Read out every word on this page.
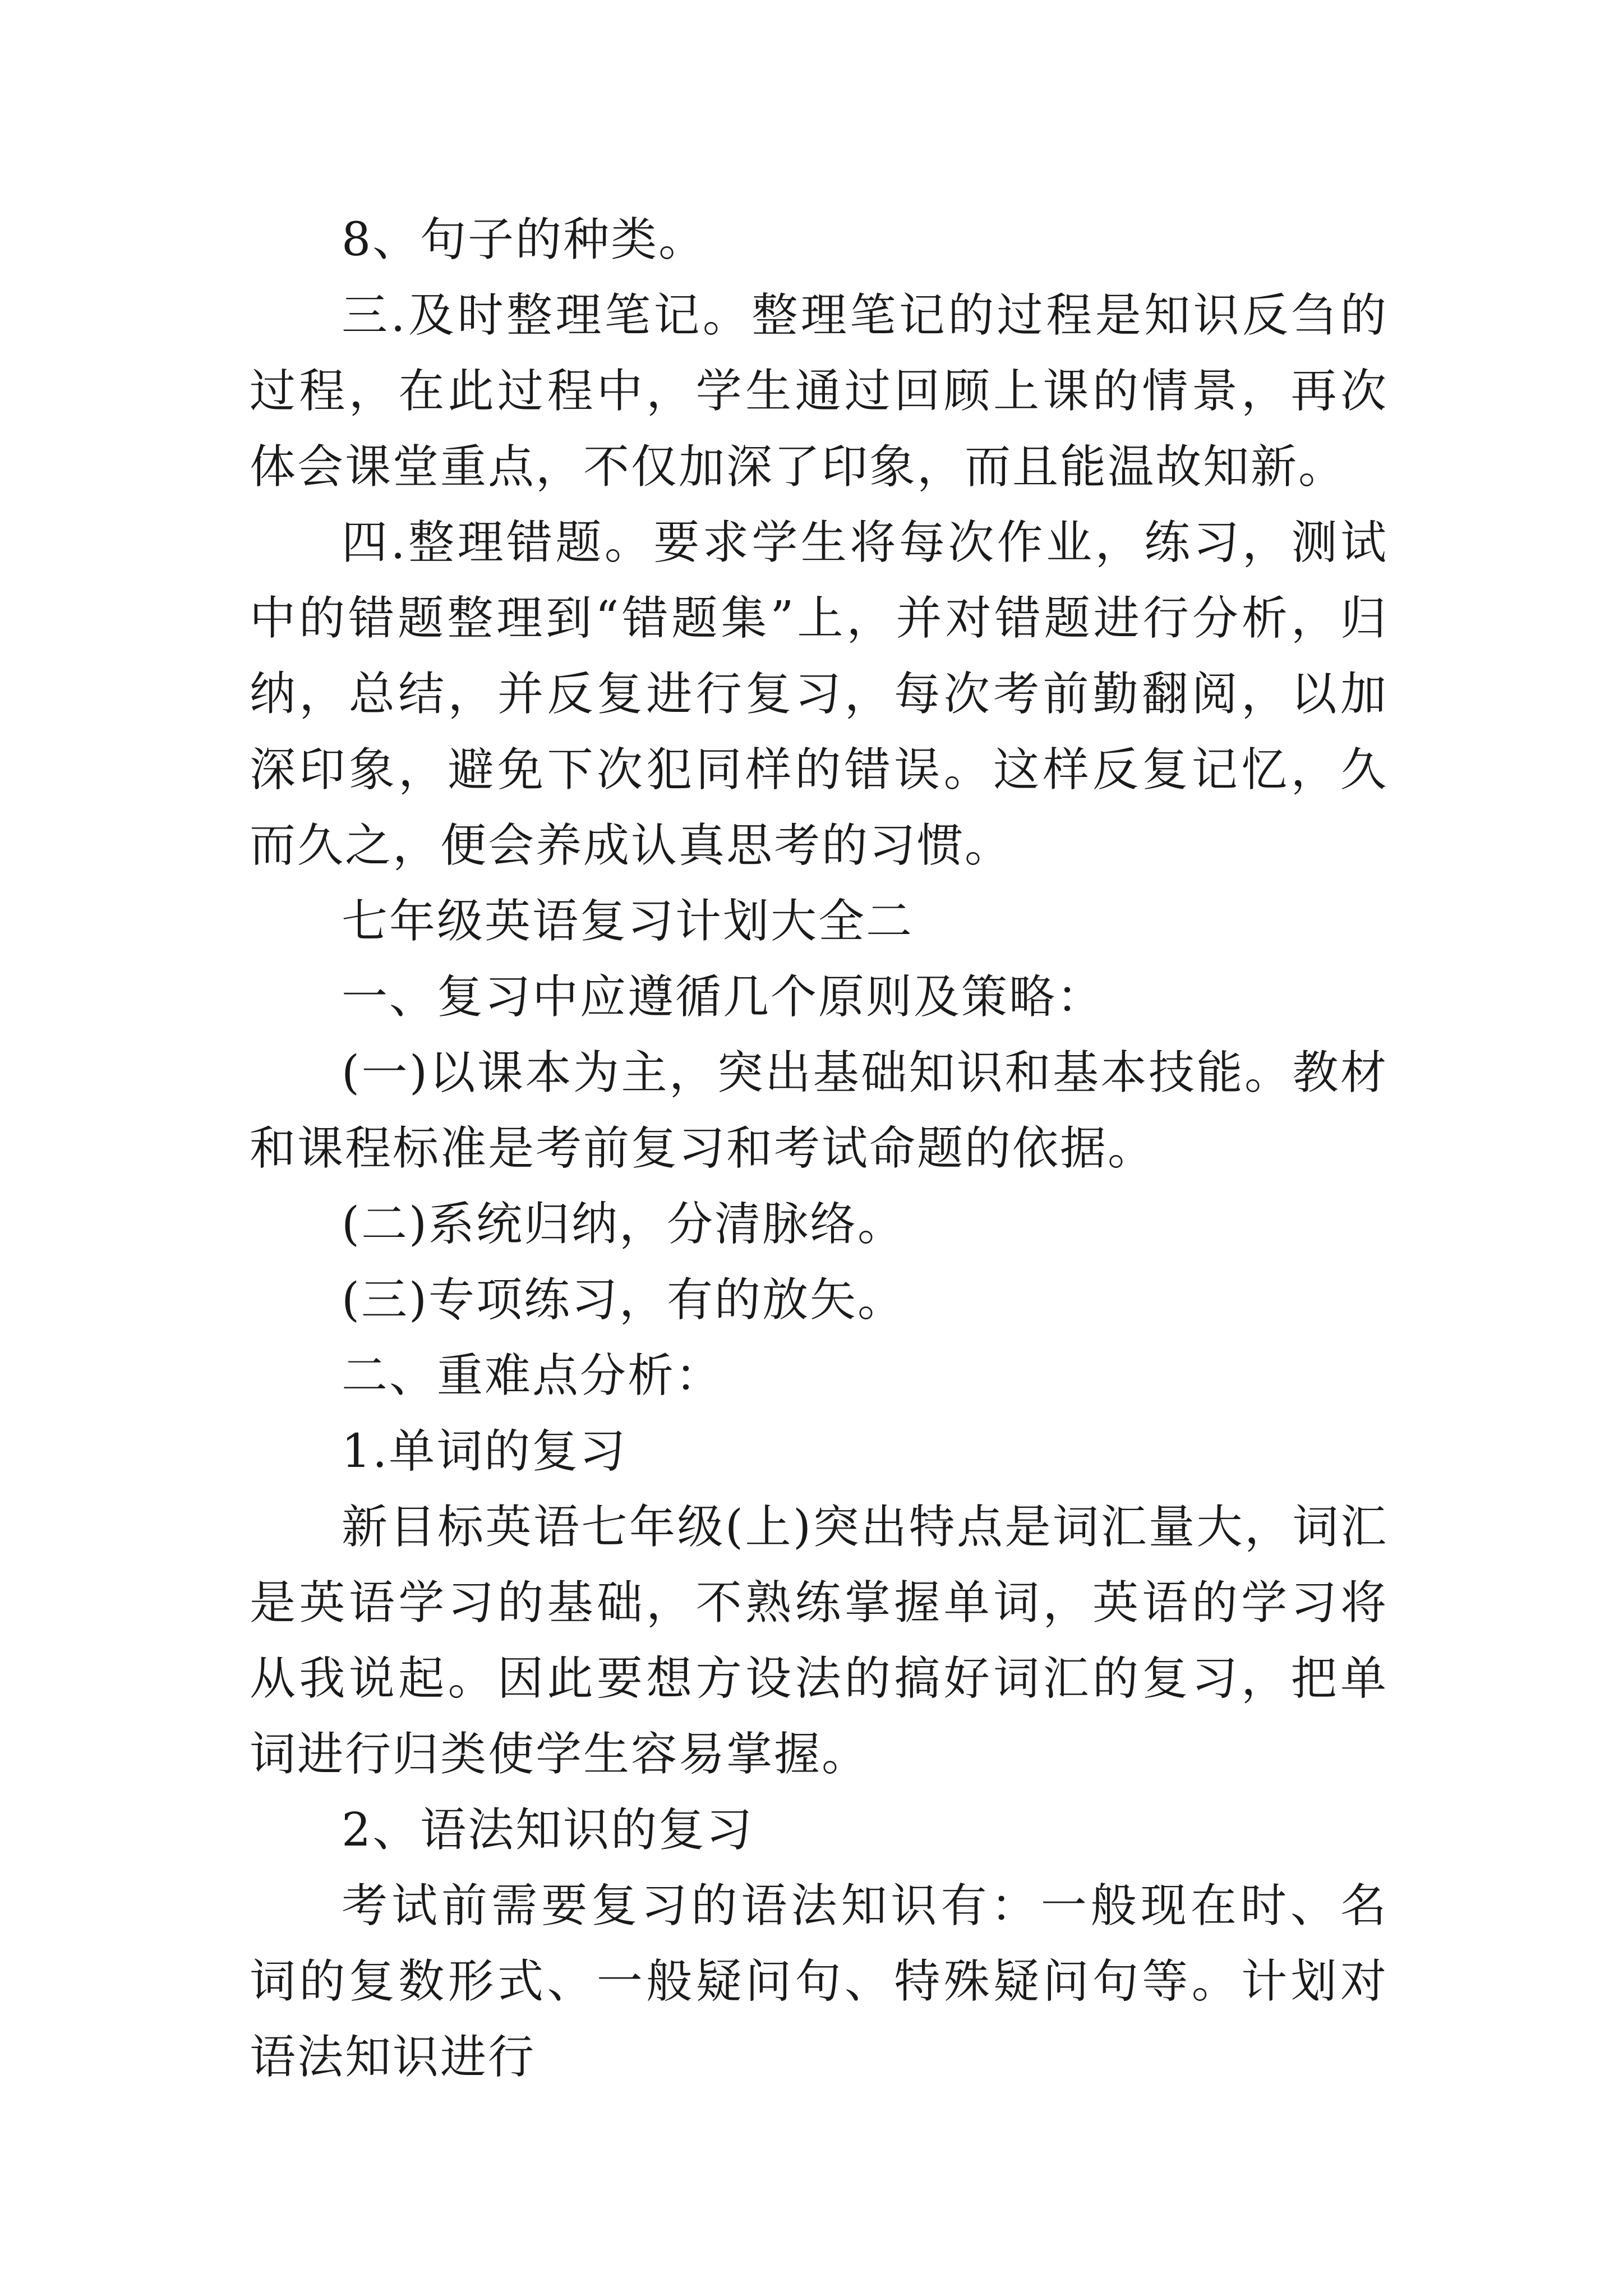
8、句子的种类。

三.及时整理笔记。整理笔记的过程是知识反刍的过程，在此过程中，学生通过回顾上课的情景，再次体会课堂重点，不仅加深了印象，而且能温故知新。

四.整理错题。要求学生将每次作业，练习，测试中的错题整理到“错题集”上，并对错题进行分析，归纳，总结，并反复进行复习，每次考前勤翻阅，以加深印象，避免下次犯同样的错误。这样反复记忆，久而久之，便会养成认真思考的习惯。

七年级英语复习计划大全二

一、复习中应遵循几个原则及策略：

(一)以课本为主，突出基础知识和基本技能。教材和课程标准是考前复习和考试命题的依据。

(二)系统归纳，分清脉络。

(三)专项练习，有的放矢。

二、重难点分析：

1.单词的复习

新目标英语七年级(上)突出特点是词汇量大，词汇是英语学习的基础，不熟练掌握单词，英语的学习将从我说起。因此要想方设法的搞好词汇的复习，把单词进行归类使学生容易掌握。

2、语法知识的复习

考试前需要复习的语法知识有：一般现在时、名词的复数形式、一般疑问句、特殊疑问句等。计划对语法知识进行
